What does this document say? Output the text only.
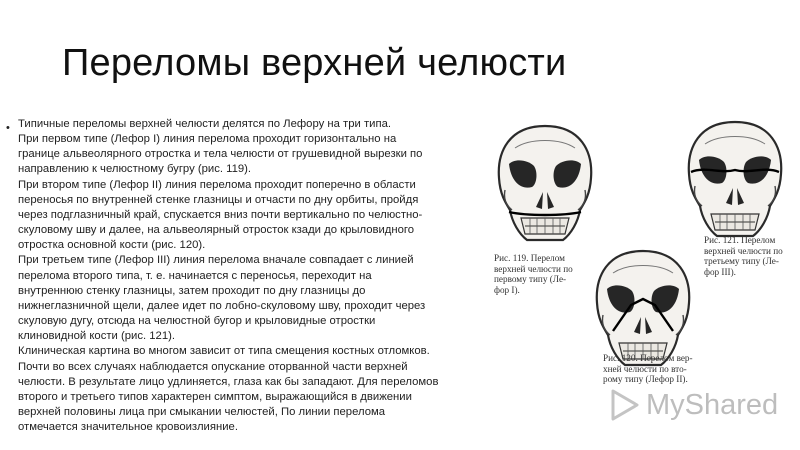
Переломы верхней челюсти
• Типичные переломы верхней челюсти делятся по Лефору на три типа.
При первом типе (Лефор I) линия перелома проходит горизонтально на
границе альвеолярного отростка и тела челюсти от грушевидной вырезки по
направлению к челюстному бугру (рис. 119).
При втором типе (Лефор II) линия перелома проходит поперечно в области
переносья по внутренней стенке глазницы и отчасти по дну орбиты, пройдя
через подглазничный край, спускается вниз почти вертикально по челюстно-
скуловому шву и далее, на альвеолярный отросток кзади до крыловидного
отростка основной кости (рис. 120).
При третьем типе (Лефор III) линия перелома вначале совпадает с линией
перелома второго типа, т. е. начинается с переносья, переходит на
внутреннюю стенку глазницы, затем проходит по дну глазницы до
нижнеглазничной щели, далее идет по лобно-скуловому шву, проходит через
скуловую дугу, отсюда на челюстной бугор и крыловидные отростки
клиновидной кости (рис. 121).
Клиническая картина во многом зависит от типа смещения костных отломков.
Почти во всех случаях наблюдается опускание оторванной части верхней
челюсти. В результате лицо удлиняется, глаза как бы западают. Для переломов
второго и третьего типов характерен симптом, выражающийся в движении
верхней половины лица при смыкании челюстей, По линии перелома
отмечается значительное кровоизлияние.
Рис. 119. Перелом
верхней челюсти по
первому типу (Ле-
фор I).
Рис. 121. Перелом
верхней челюсти по
третьему типу (Ле-
фор III).
Рис. 120. Перелом вер-
хней челюсти по вто-
рому типу (Лефор II).
MyShared
